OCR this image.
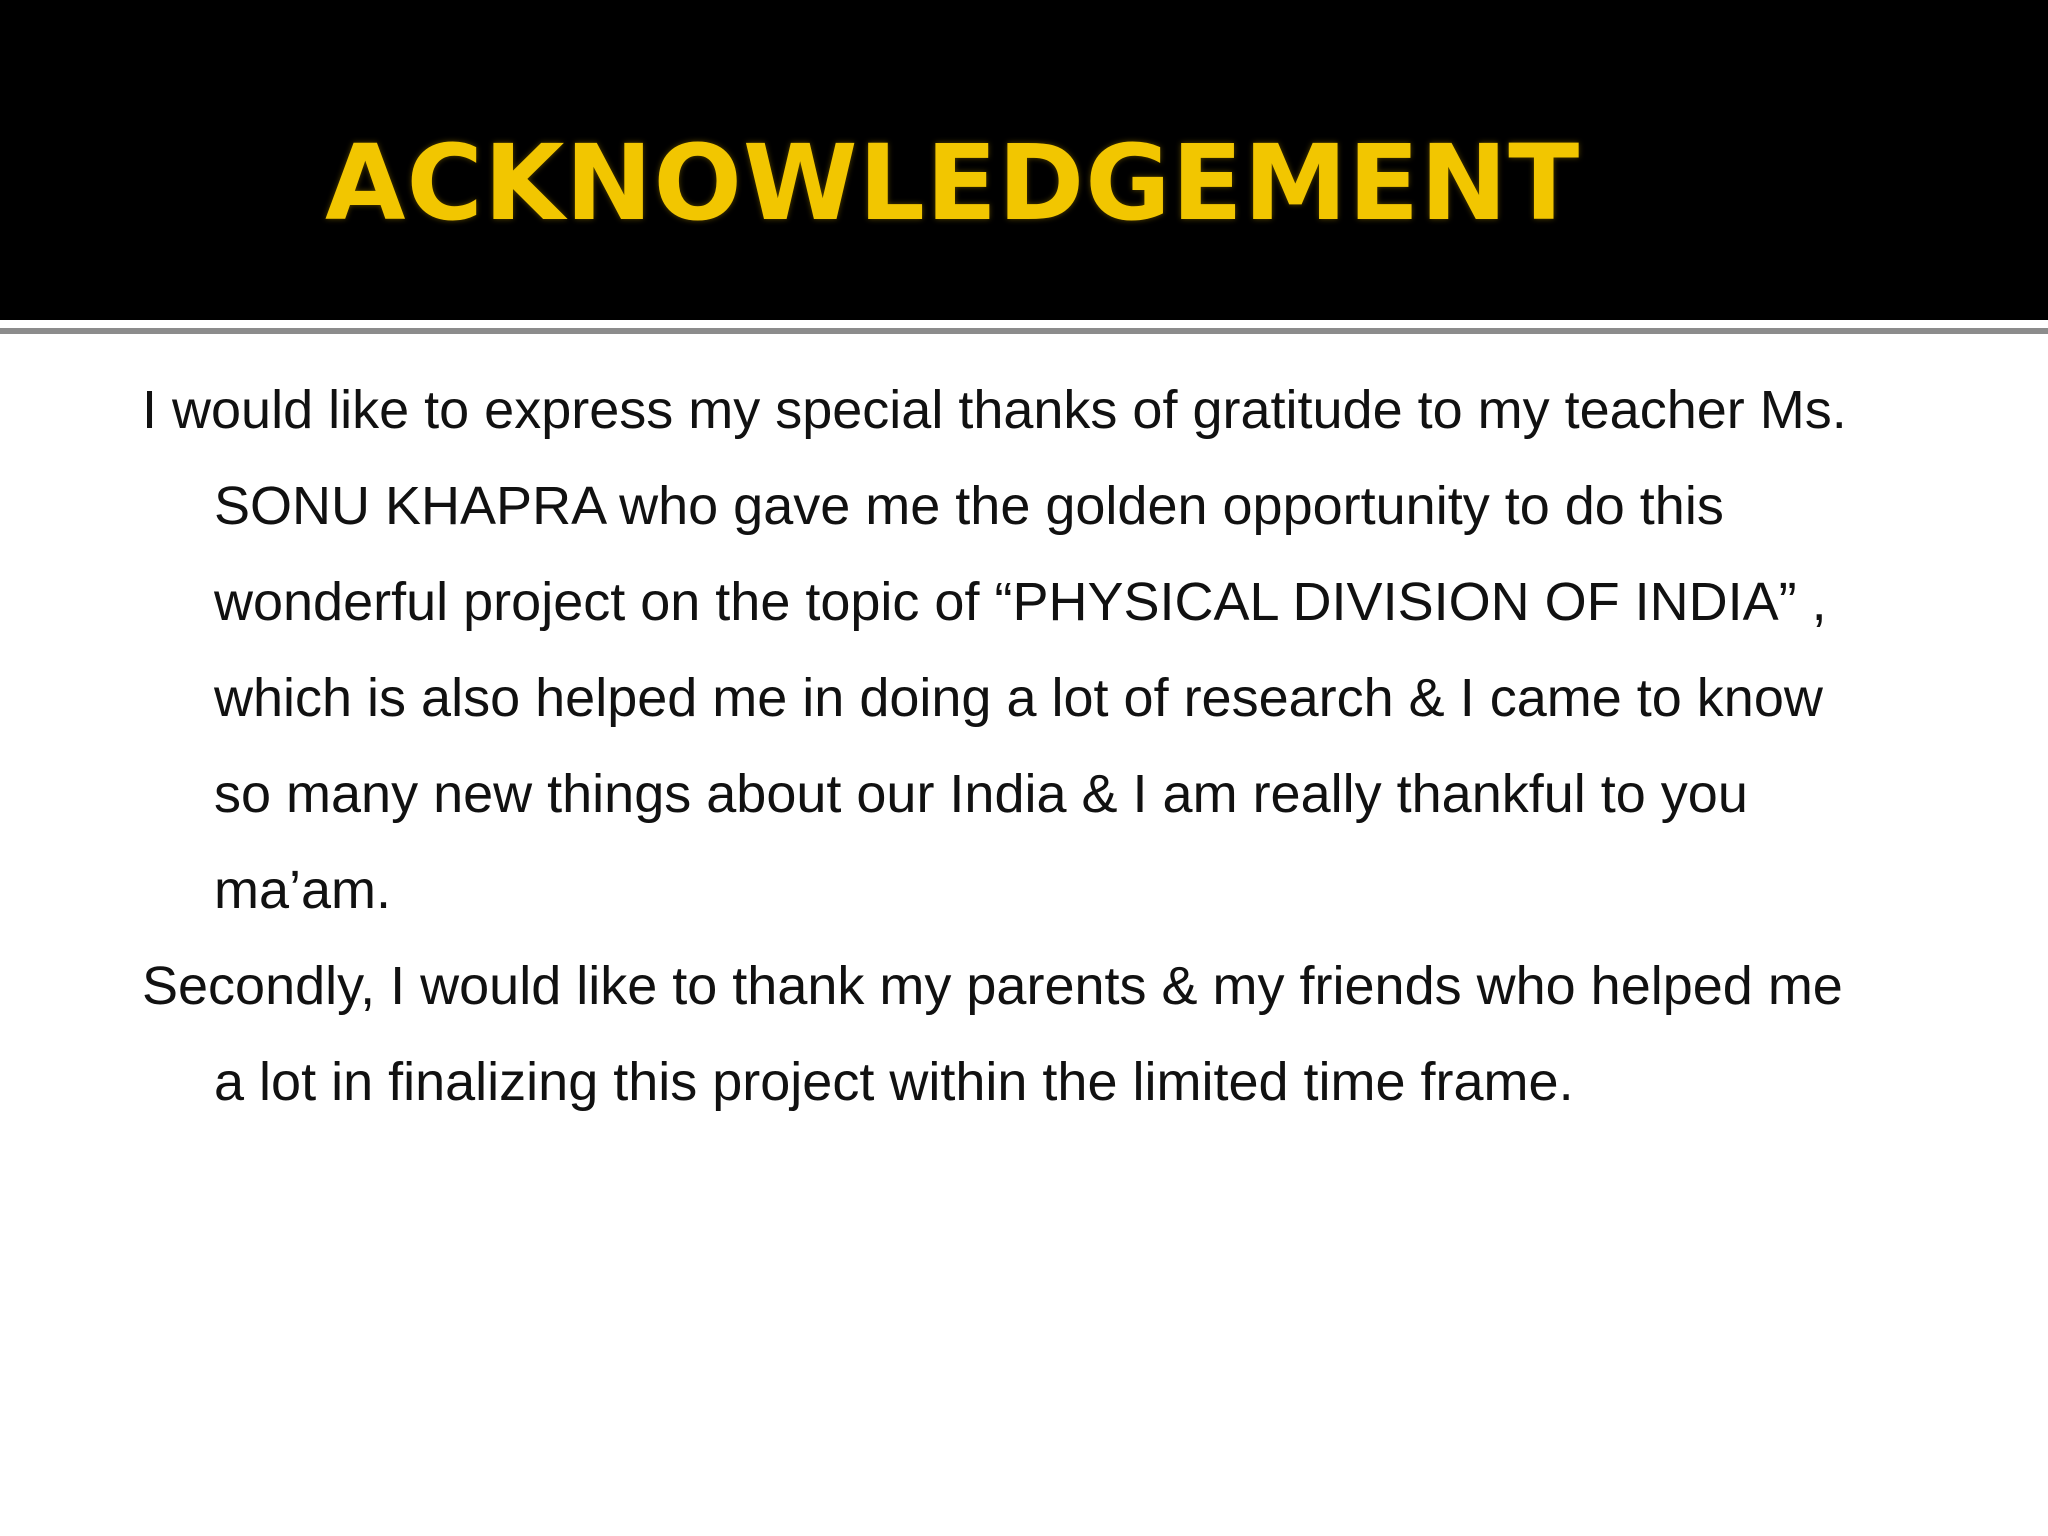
ACKNOWLEDGEMENT

I would like to express my special thanks of gratitude to my teacher Ms.
SONU KHAPRA who gave me the golden opportunity to do this
wonderful project on the topic of “PHYSICAL DIVISION OF INDIA” ,
which is also helped me in doing a lot of research & I came to know
so many new things about our India & I am really thankful to you
ma’am.

Secondly, I would like to thank my parents & my friends who helped me
a lot in finalizing this project within the limited time frame.
